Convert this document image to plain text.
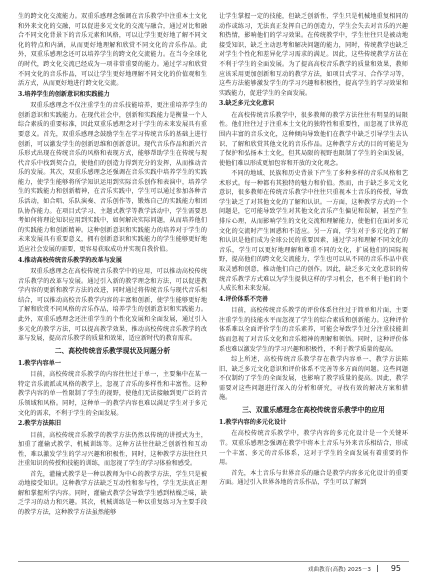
生的跨文化交流能力。双重乐感理念强调在音乐教学中注重本土文化和外来文化的交融，可以促进多元文化的交流与融合，通过对比和融合不同文化背景下的音乐元素和风格，可以让学生更好地了解不同文化的特点和内涵，从而更好地理解和欣赏不同文化的音乐作品。此外，双重乐感理念还可以培养学生的跨文化交流能力。在当今全球化的时代，跨文化交流已经成为一项非常重要的能力。通过学习和欣赏不同文化的音乐作品，可以让学生更好地理解不同文化的价值观和生活方式，从而更好地进行跨文化交流。

3.培养学生的创新意识和实践能力

双重乐感理念不仅注重学生的音乐技能培养，更注重培养学生的创新意识和实践能力。在现代社会中，创新和实践能力是衡量一个人综合素质的重要标准，因此双重乐感理念对于学生的未来发展具有重要意义。首先，双重乐感理念鼓励学生在学习传统音乐的基础上进行创新，可以激发学生的创新思维和创新意识。现代音乐作品和新兴音乐形式出现在传统音乐的风格和表现方式，能够帮助学生在传统与现代音乐中找到契合点，使他们的创造力得到充分的发挥，从而推动音乐的发展。其次，双重乐感理念还强调在音乐实践中培养学生的实践能力，使学生能够将所学知识运用到实际音乐创作和表演中，培养学生的实践能力和创新精神，在音乐实践中，学生可以通过参加各种音乐活动，如合唱、乐队演奏、音乐创作等，锻炼自己的实践能力和团队协作能力。在项目式学习、主题式教学等教学活动中，学生需要思考如何将理论知识应用到实践中，如何解决实际问题，从而培养他们的实践能力和创新精神。这种创新意识和实践能力的培养对于学生的未来发展具有重要意义，拥有创新意识和实践能力的学生能够更好地适应社会发展的需要，更容易获取成功并实现自我价值。

4.推动高校传统音乐教学的改革与发展

双重乐感理念在高校传统音乐教学中的应用，可以推动高校传统音乐教学的改革与发展。通过引入新的教学理念和方法，可以促进教学内容的更新和教学方法的改进，同时通过将传统音乐与现代音乐相结合，可以推动高校音乐教学内容的丰富和创新，使学生能够更好地了解和欣赏不同风格的音乐作品，培养学生的创新意识和实践能力。此外，双重乐感理念还注重学生的个性化发展和全面发展，通过引入多元化的教学方法，可以提高教学效果，推动高校传统音乐教学的改革与发展，提高音乐教学的质量和效果，适应新时代的教育需求。

二、高校传统音乐教学现状及问题分析
1.教学内容单一

目前，高校传统音乐教学的内容往往过于单一，主要集中在某一特定音乐流派或风格的教学上，忽视了音乐的多样性和丰富性。这种教学内容的单一性限制了学生的视野，使他们无法接触到更广泛的音乐领域和风格。同时，这种单一的教学内容也难以满足学生对于多元文化的需求，不利于学生的全面发展。

2.教学方法陈旧

目前，高校传统音乐教学的教学方法仍然以传统的讲授式为主，加重了灌输式教学、机械训练等。这种方法往往缺乏创新性和互动性，难以激发学生的学习兴趣和积极性，同时，这种教学方法往往只注重知识的传授和技能的训练，而忽视了学生的学习体验和感受。

首先，灌输式教学是一种以教师为中心的教学方法，学生只是被动地接受知识。这种教学方法缺乏互动性和参与性，学生无法真正理解和掌握所学内容。同时，灌输式教学会导致学生感到枯燥乏味，缺乏学习的动力和兴趣。其次，机械训练是一种以重复练习为主要手段的教学方法，这种教学方法虽然能够

让学生掌握一定的技能，但缺乏创新性，学生只是机械地重复相同的动作或练习，无法真正发挥自己的创造力，学生会失去对音乐的兴趣和热情，影响他们的学习效果。在传统教学中，学生往往只是被动地接受知识，缺乏主动思考和解决问题的能力，同时，传统教学也缺乏对学生个性化和差异化学习需求的满足。因此，这些传统教学方法在不利于学生的全面发展。为了提高高校音乐教学的质量和效果，教师应该采用更加创新和互动的教学方法，如项目式学习、合作学习等，这些方法能够激发学生的学习兴趣和积极性，提高学生的学习效果和实践能力，促进学生的全面发展。

3.缺乏多元文化意识

在高校传统音乐教学中，很多教师的教学方法往往有明显的局限性。他们往往过于注重本土文化的独特性和重要性，而忽视了世界范围内丰富的音乐文化，这种倾向导致他们在教学中缺乏引导学生去认识、了解和欣赏其他文化的音乐作品。这种教学方式的目的可能是为了保护和弘扬本土文化，但其局限的视野也限制了学生的全面发展，使他们难以形成更加包容和开放的文化观念。

不同的地域、民族和历史背景下产生了多种多样的音乐风格和艺术形式。每一种都有其独特的魅力和价值。然而，由于缺乏多元文化意识，很多教师在传统音乐教学中往往只重视本土音乐的传授，导致学生缺乏了对其他文化的了解和认识。一方面，这种教学方式的一个问题是，它可能导致学生对其他文化音乐产生偏见和误解，甚至产生排斥心理，从而影响学生的文化交流和理解能力，使他们在面对多元文化的交流时产生困惑和不适应。另一方面，学生对于多元化的了解和认识是他们成为全球公民的重要因素，通过学习和理解不同文化的音乐，学生可以更好地理解和尊重不同的文化，扩展他们的国际视野，提高他们的跨文化交流能力，学生也可以从不同的音乐作品中获取灵感和创意，推动他们自己的创作。因此，缺乏多元文化意识的传统音乐教学方式难以为学生提供这样的学习机会，也不利于他们的个人成长和未来发展。

4.评价体系不完善

目前，高校传统音乐教学的评价体系往往过于简单和片面，主要注重学生的技能水平而忽视了学生的综合素质和创新能力。这种评价体系难以全面评价学生的音乐素养，可能会导致学生过分注重技能训练而忽视了对音乐文化和音乐精神的理解和领悟。同时，这种评价体系也难以激发学生的学习兴趣和积极性，不利于教学质量的提高。

综上所述，高校传统音乐教学存在教学内容单一、教学方法陈旧、缺乏多元文化意识和评价体系不完善等多方面的问题。这些问题不仅制约了学生的全面发展，也影响了教学质量的提高。因此，教学需要对这些问题进行深入的分析和研究，寻找有效的解决方案和措施。

三、双重乐感理念在高校传统音乐教学中的应用
1.教学内容的多元化设计

在高校传统音乐教学中，教学内容的多元化设计是一个关键环节。双重乐感理念强调在教学中将本土音乐与外来音乐相结合，形成一个丰富、多元的音乐体系，这对于学生的全面发展有着重要的作用。

首先，本土音乐与世界音乐的融合是教学内容多元化设计的重要方面。通过引入世界各地的音乐作品，学生可以了解到

戏曲教育(高教) 2025－3 95
